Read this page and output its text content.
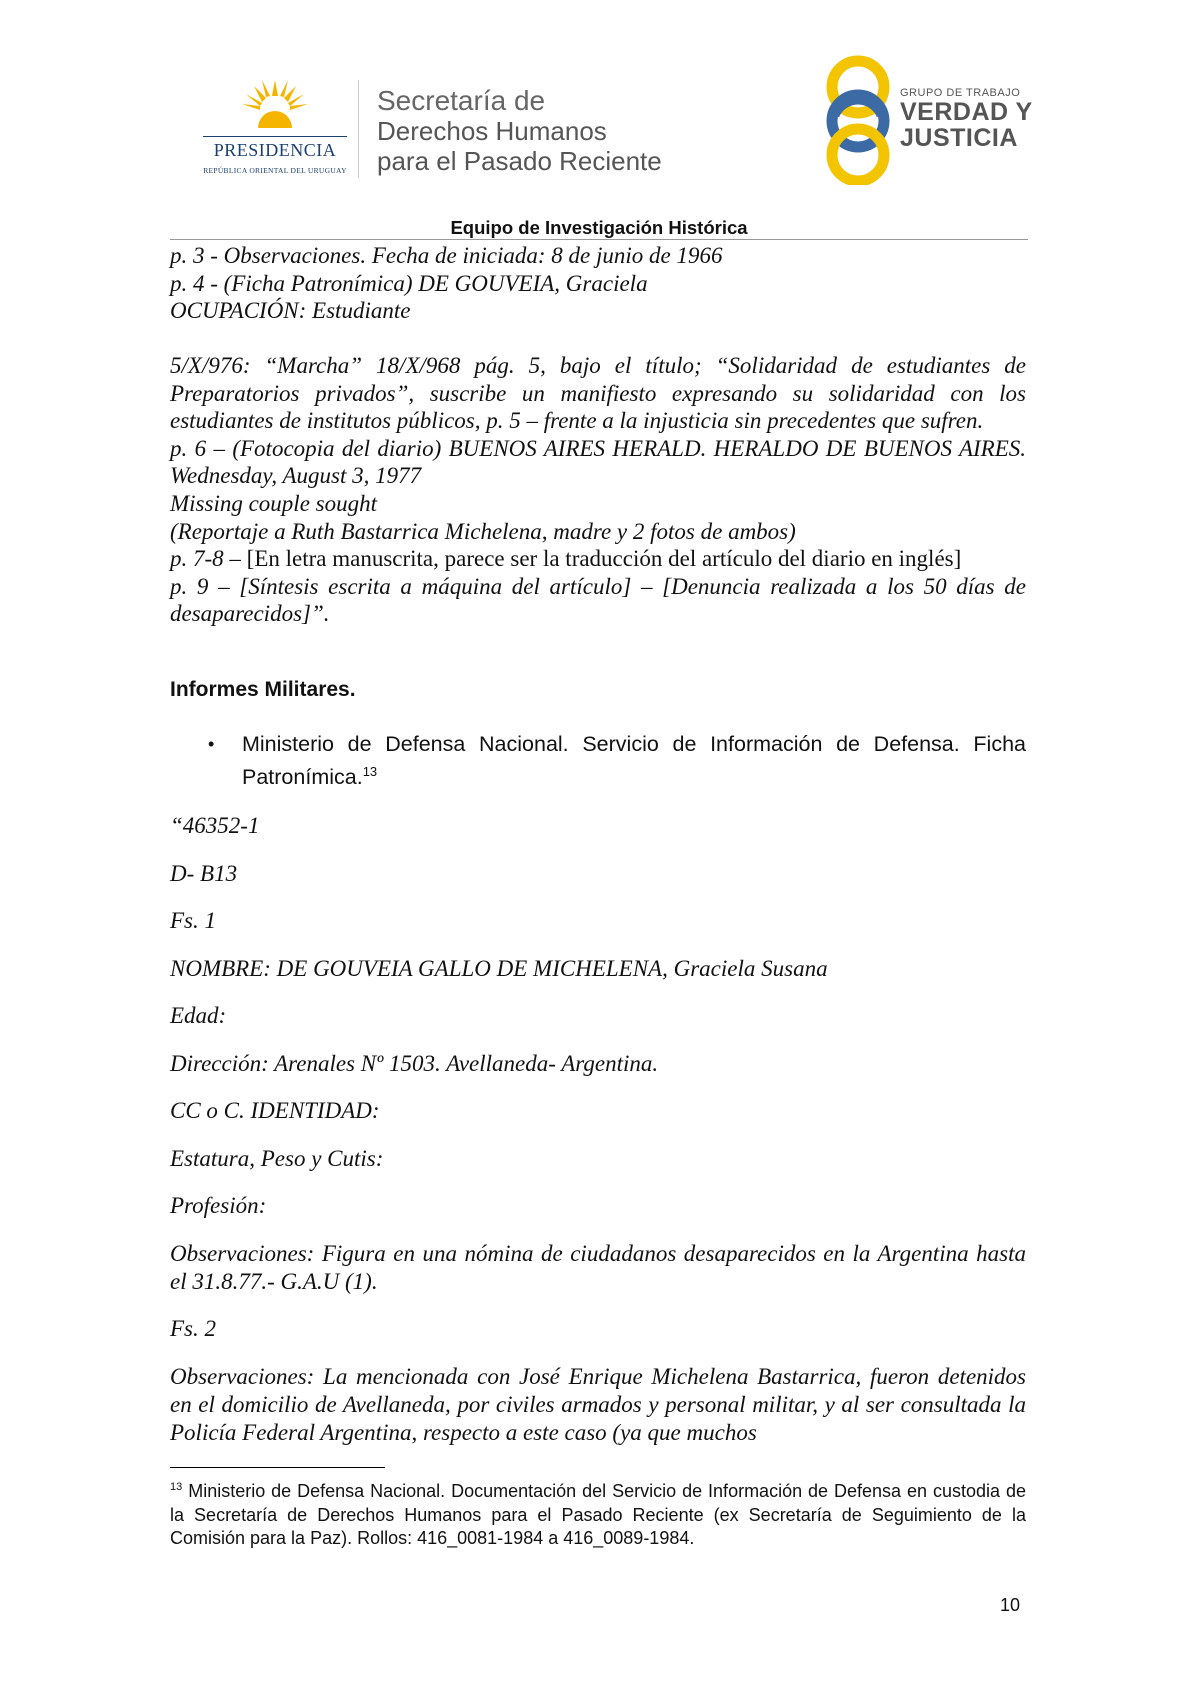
PRESIDENCIA
REPÚBLICA ORIENTAL DEL URUGUAY
Secretaría de
Derechos Humanos
para el Pasado Reciente
GRUPO DE TRABAJO
VERDAD Y
JUSTICIA
Equipo de Investigación Histórica

p. 3 - Observaciones. Fecha de iniciada: 8 de junio de 1966

p. 4 - (Ficha Patronímica) DE GOUVEIA, Graciela

OCUPACIÓN: Estudiante

5/X/976: “Marcha” 18/X/968 pág. 5, bajo el título; “Solidaridad de estudiantes de Preparatorios privados”, suscribe un manifiesto expresando su solidaridad con los estudiantes de institutos públicos, p. 5 – frente a la injusticia sin precedentes que sufren.

p. 6 – (Fotocopia del diario) BUENOS AIRES HERALD. HERALDO DE BUENOS AIRES. Wednesday, August 3, 1977

Missing couple sought

(Reportaje a Ruth Bastarrica Michelena, madre y 2 fotos de ambos)

p. 7-8 – [En letra manuscrita, parece ser la traducción del artículo del diario en inglés]

p. 9 – [Síntesis escrita a máquina del artículo] – [Denuncia realizada a los 50 días de desaparecidos]”.

Informes Militares.
• Ministerio de Defensa Nacional. Servicio de Información de Defensa. Ficha Patronímica.$^{13}$

“46352-1

D- B13

Fs. 1

NOMBRE: DE GOUVEIA GALLO DE MICHELENA, Graciela Susana

Edad:

Dirección: Arenales Nº 1503. Avellaneda- Argentina.

CC o C. IDENTIDAD:

Estatura, Peso y Cutis:

Profesión:

Observaciones: Figura en una nómina de ciudadanos desaparecidos en la Argentina hasta el 31.8.77.- G.A.U (1).

Fs. 2

Observaciones: La mencionada con José Enrique Michelena Bastarrica, fueron detenidos en el domicilio de Avellaneda, por civiles armados y personal militar, y al ser consultada la Policía Federal Argentina, respecto a este caso (ya que muchos

$^{13}$ Ministerio de Defensa Nacional. Documentación del Servicio de Información de Defensa en custodia de la Secretaría de Derechos Humanos para el Pasado Reciente (ex Secretaría de Seguimiento de la Comisión para la Paz). Rollos: 416_0081-1984 a 416_0089-1984.
10
